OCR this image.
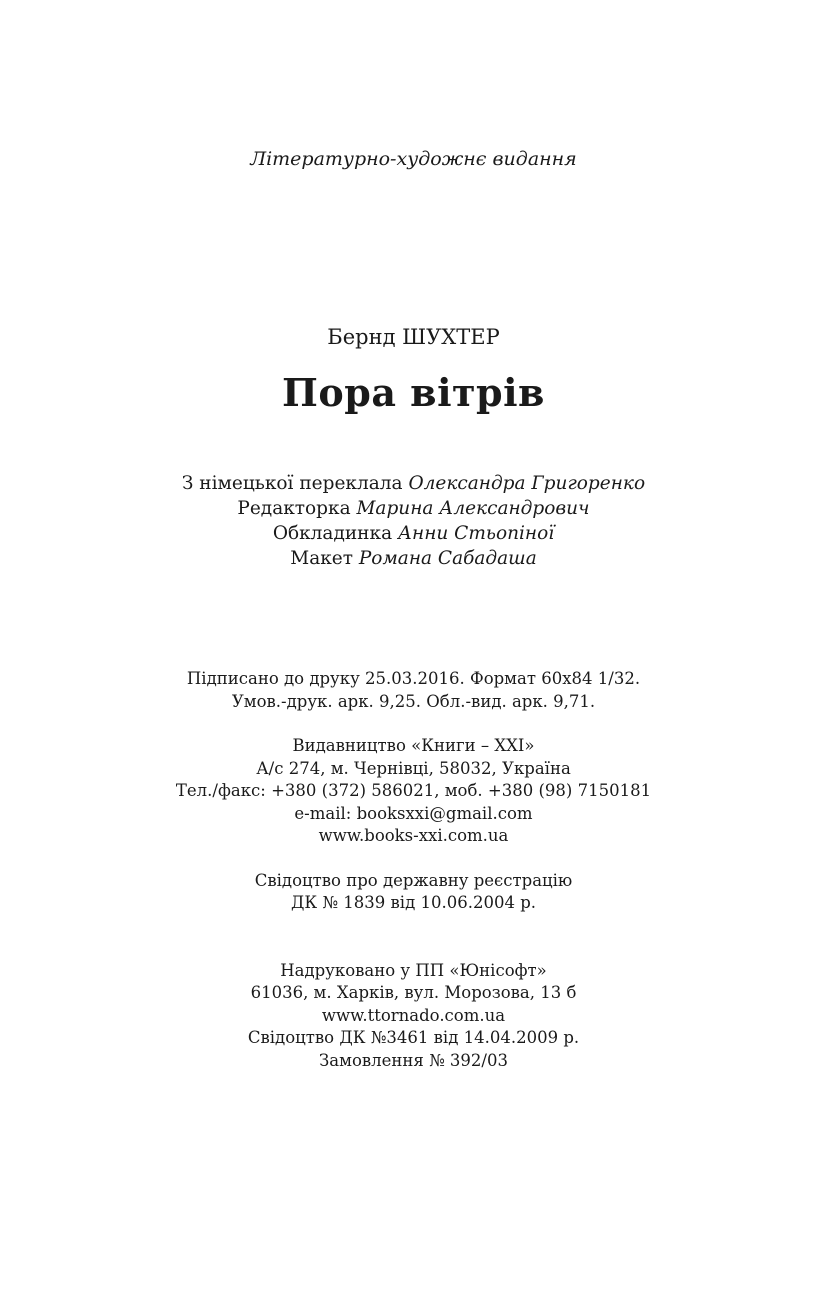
Літературно-художнє видання
Бернд ШУХТЕР
Пора вітрів
З німецької переклала Олександра Григоренко
Редакторка Марина Александрович
Обкладинка Анни Стьопіної
Макет Романа Сабадаша
Підписано до друку 25.03.2016. Формат 60x84 1/32.
Умов.-друк. арк. 9,25. Обл.-вид. арк. 9,71.
Видавництво «Книги – XXI»
А/с 274, м. Чернівці, 58032, Україна
Тел./факс: +380 (372) 586021, моб. +380 (98) 7150181
e-mail: booksxxi@gmail.com
www.books-xxi.com.ua
Свідоцтво про державну реєстрацію
ДК № 1839 від 10.06.2004 р.
Надруковано у ПП «Юнісофт»
61036, м. Харків, вул. Морозова, 13 б
www.ttornado.com.ua
Свідоцтво ДК №3461 від 14.04.2009 р.
Замовлення № 392/03
